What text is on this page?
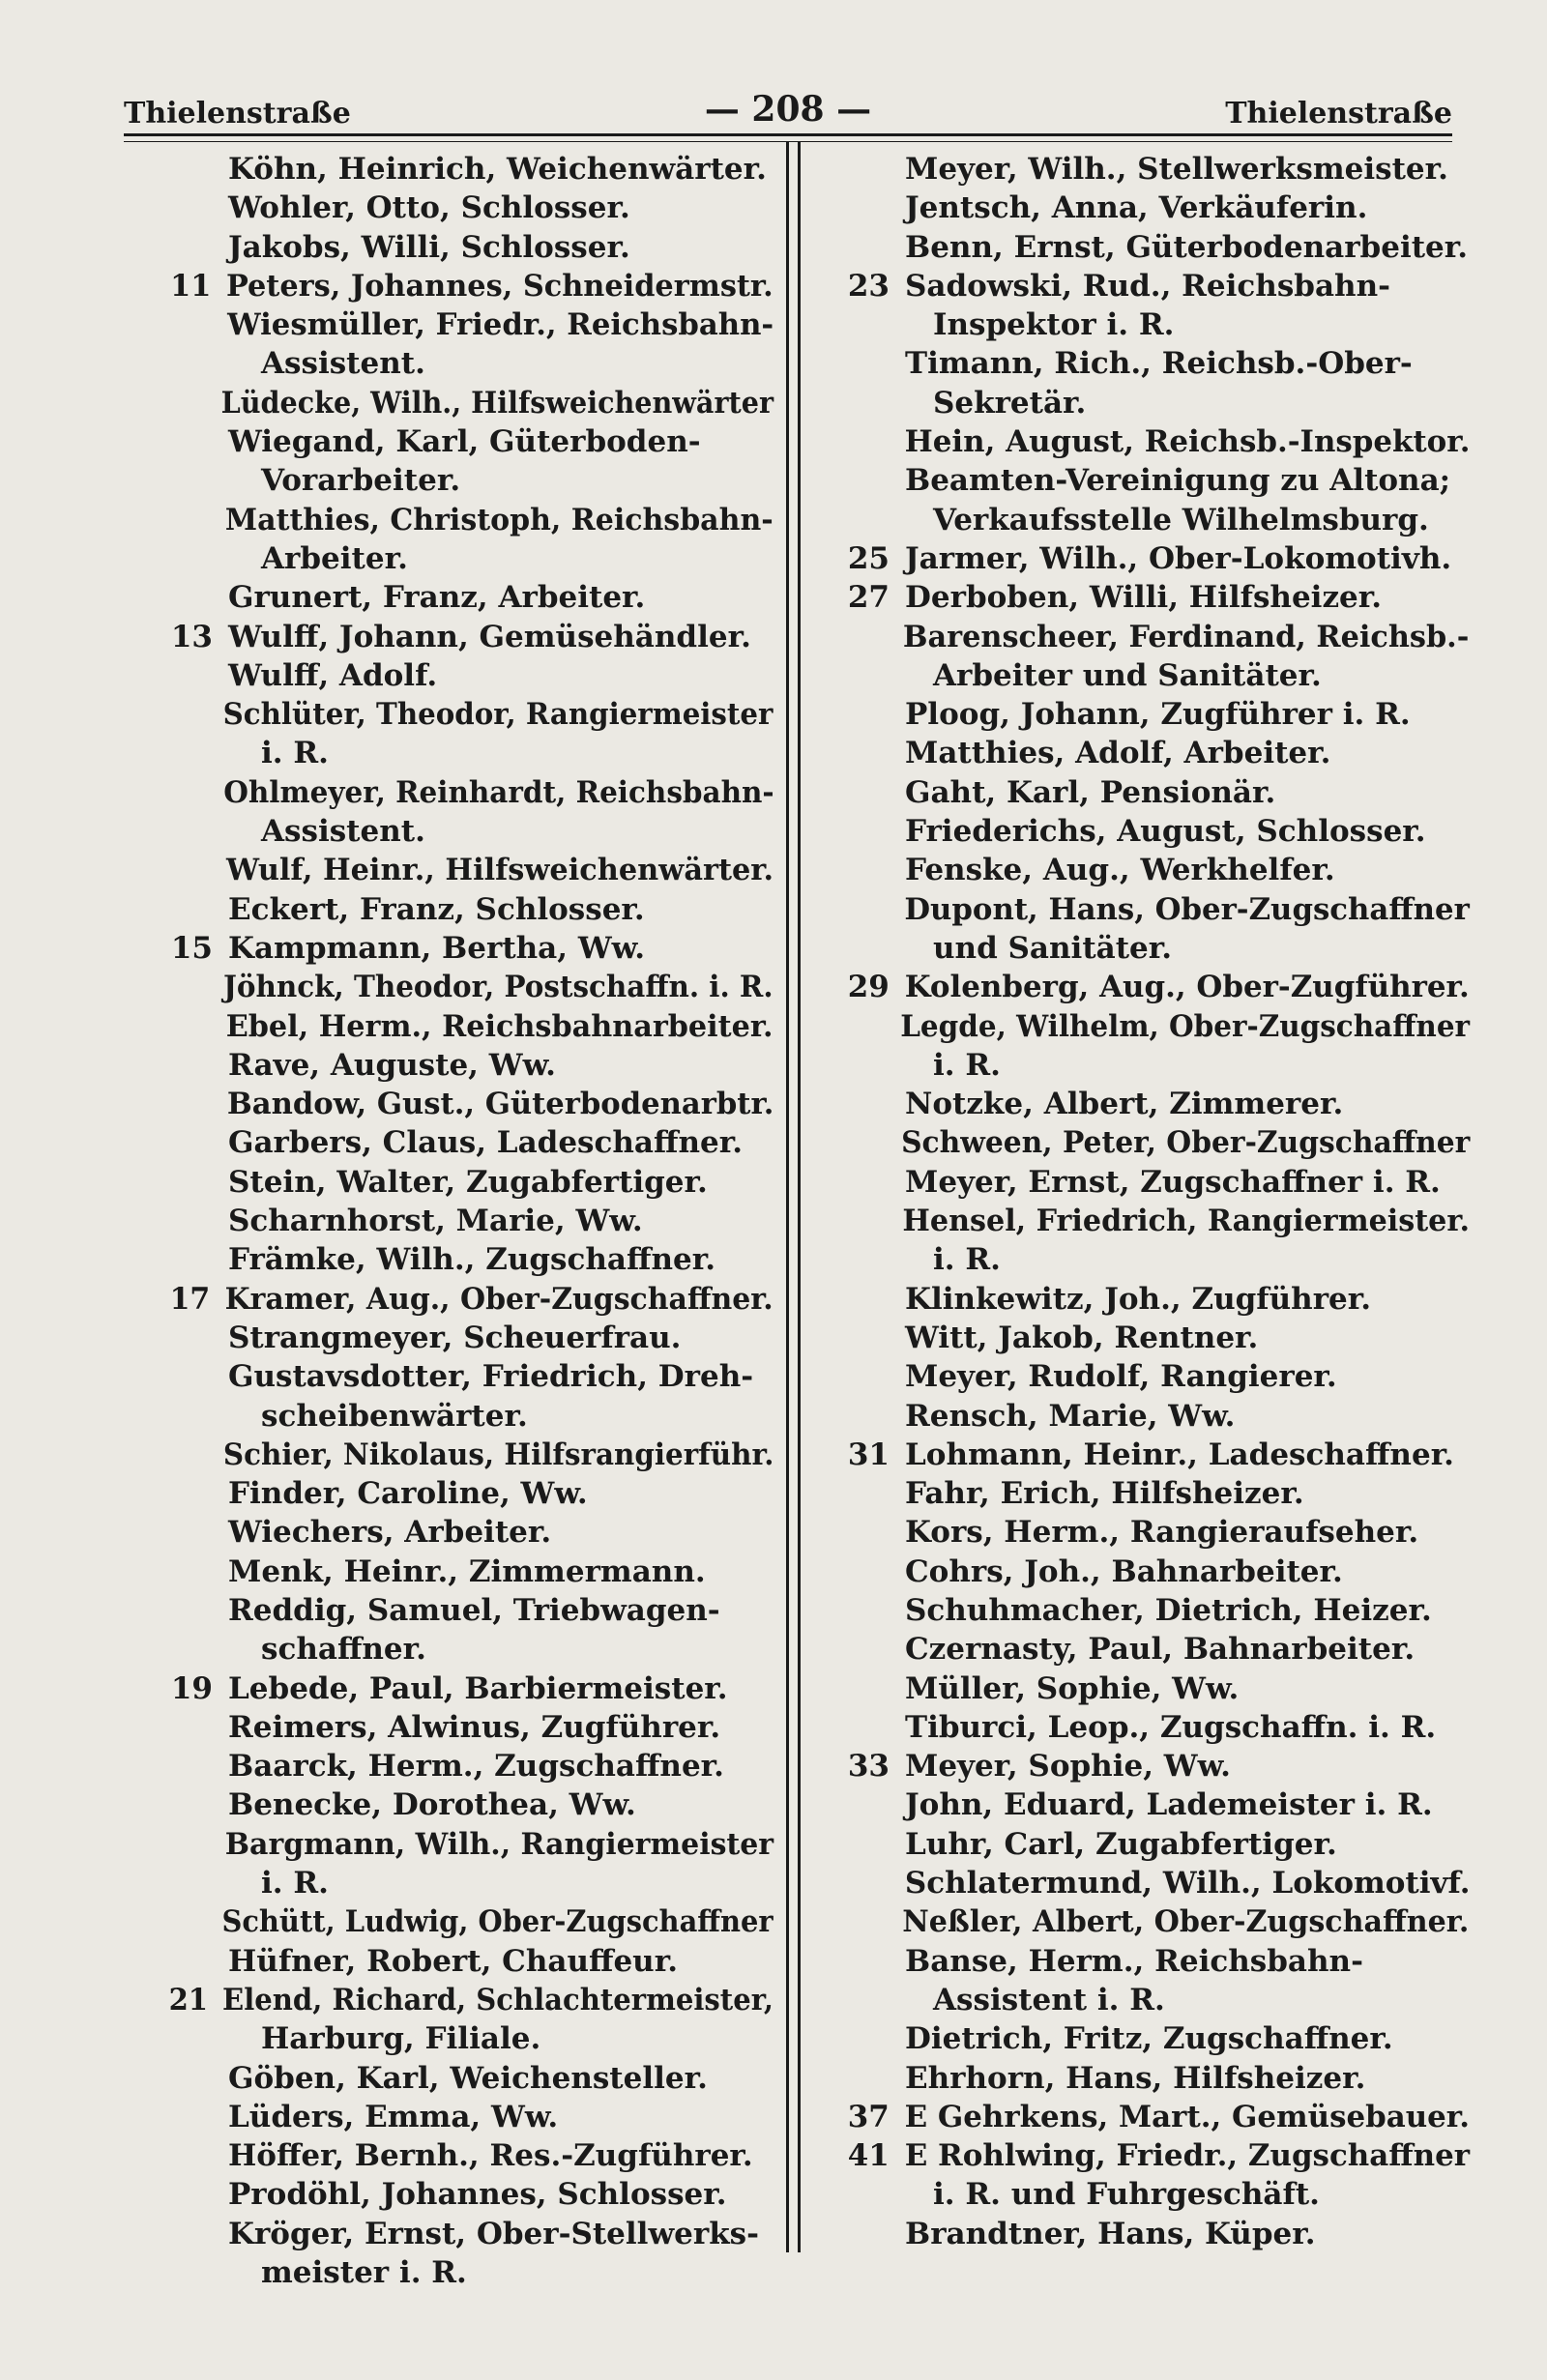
Thielenstraße	— 208 —	Thielenstraße
Köhn, Heinrich, Weichenwärter.
Wohler, Otto, Schlosser.
Jakobs, Willi, Schlosser.
11 Peters, Johannes, Schneidermstr.
Wiesmüller, Friedr., Reichsbahn-
Assistent.
Lüdecke, Wilh., Hilfsweichenwärter
Wiegand, Karl, Güterboden-
Vorarbeiter.
Matthies, Christoph, Reichsbahn-
Arbeiter.
Grunert, Franz, Arbeiter.
13 Wulff, Johann, Gemüsehändler.
Wulff, Adolf.
Schlüter, Theodor, Rangiermeister
i. R.
Ohlmeyer, Reinhardt, Reichsbahn-
Assistent.
Wulf, Heinr., Hilfsweichenwärter.
Eckert, Franz, Schlosser.
15 Kampmann, Bertha, Ww.
Jöhnck, Theodor, Postschaffn. i. R.
Ebel, Herm., Reichsbahnarbeiter.
Rave, Auguste, Ww.
Bandow, Gust., Güterbodenarbtr.
Garbers, Claus, Ladeschaffner.
Stein, Walter, Zugabfertiger.
Scharnhorst, Marie, Ww.
Främke, Wilh., Zugschaffner.
17 Kramer, Aug., Ober-Zugschaffner.
Strangmeyer, Scheuerfrau.
Gustavsdotter, Friedrich, Dreh-
scheibenwärter.
Schier, Nikolaus, Hilfsrangierführ.
Finder, Caroline, Ww.
Wiechers, Arbeiter.
Menk, Heinr., Zimmermann.
Reddig, Samuel, Triebwagen-
schaffner.
19 Lebede, Paul, Barbiermeister.
Reimers, Alwinus, Zugführer.
Baarck, Herm., Zugschaffner.
Benecke, Dorothea, Ww.
Bargmann, Wilh., Rangiermeister
i. R.
Schütt, Ludwig, Ober-Zugschaffner
Hüfner, Robert, Chauffeur.
21 Elend, Richard, Schlachtermeister,
Harburg, Filiale.
Göben, Karl, Weichensteller.
Lüders, Emma, Ww.
Höffer, Bernh., Res.-Zugführer.
Prodöhl, Johannes, Schlosser.
Kröger, Ernst, Ober-Stellwerks-
meister i. R.
Meyer, Wilh., Stellwerksmeister.
Jentsch, Anna, Verkäuferin.
Benn, Ernst, Güterbodenarbeiter.
23 Sadowski, Rud., Reichsbahn-
Inspektor i. R.
Timann, Rich., Reichsb.-Ober-
Sekretär.
Hein, August, Reichsb.-Inspektor.
Beamten-Vereinigung zu Altona;
Verkaufsstelle Wilhelmsburg.
25 Jarmer, Wilh., Ober-Lokomotivh.
27 Derboben, Willi, Hilfsheizer.
Barenscheer, Ferdinand, Reichsb.-
Arbeiter und Sanitäter.
Ploog, Johann, Zugführer i. R.
Matthies, Adolf, Arbeiter.
Gaht, Karl, Pensionär.
Friederichs, August, Schlosser.
Fenske, Aug., Werkhelfer.
Dupont, Hans, Ober-Zugschaffner
und Sanitäter.
29 Kolenberg, Aug., Ober-Zugführer.
Legde, Wilhelm, Ober-Zugschaffner
i. R.
Notzke, Albert, Zimmerer.
Schween, Peter, Ober-Zugschaffner
Meyer, Ernst, Zugschaffner i. R.
Hensel, Friedrich, Rangiermeister.
i. R.
Klinkewitz, Joh., Zugführer.
Witt, Jakob, Rentner.
Meyer, Rudolf, Rangierer.
Rensch, Marie, Ww.
31 Lohmann, Heinr., Ladeschaffner.
Fahr, Erich, Hilfsheizer.
Kors, Herm., Rangieraufseher.
Cohrs, Joh., Bahnarbeiter.
Schuhmacher, Dietrich, Heizer.
Czernasty, Paul, Bahnarbeiter.
Müller, Sophie, Ww.
Tiburci, Leop., Zugschaffn. i. R.
33 Meyer, Sophie, Ww.
John, Eduard, Lademeister i. R.
Luhr, Carl, Zugabfertiger.
Schlatermund, Wilh., Lokomotivf.
Neßler, Albert, Ober-Zugschaffner.
Banse, Herm., Reichsbahn-
Assistent i. R.
Dietrich, Fritz, Zugschaffner.
Ehrhorn, Hans, Hilfsheizer.
37 E Gehrkens, Mart., Gemüsebauer.
41 E Rohlwing, Friedr., Zugschaffner
i. R. und Fuhrgeschäft.
Brandtner, Hans, Küper.
